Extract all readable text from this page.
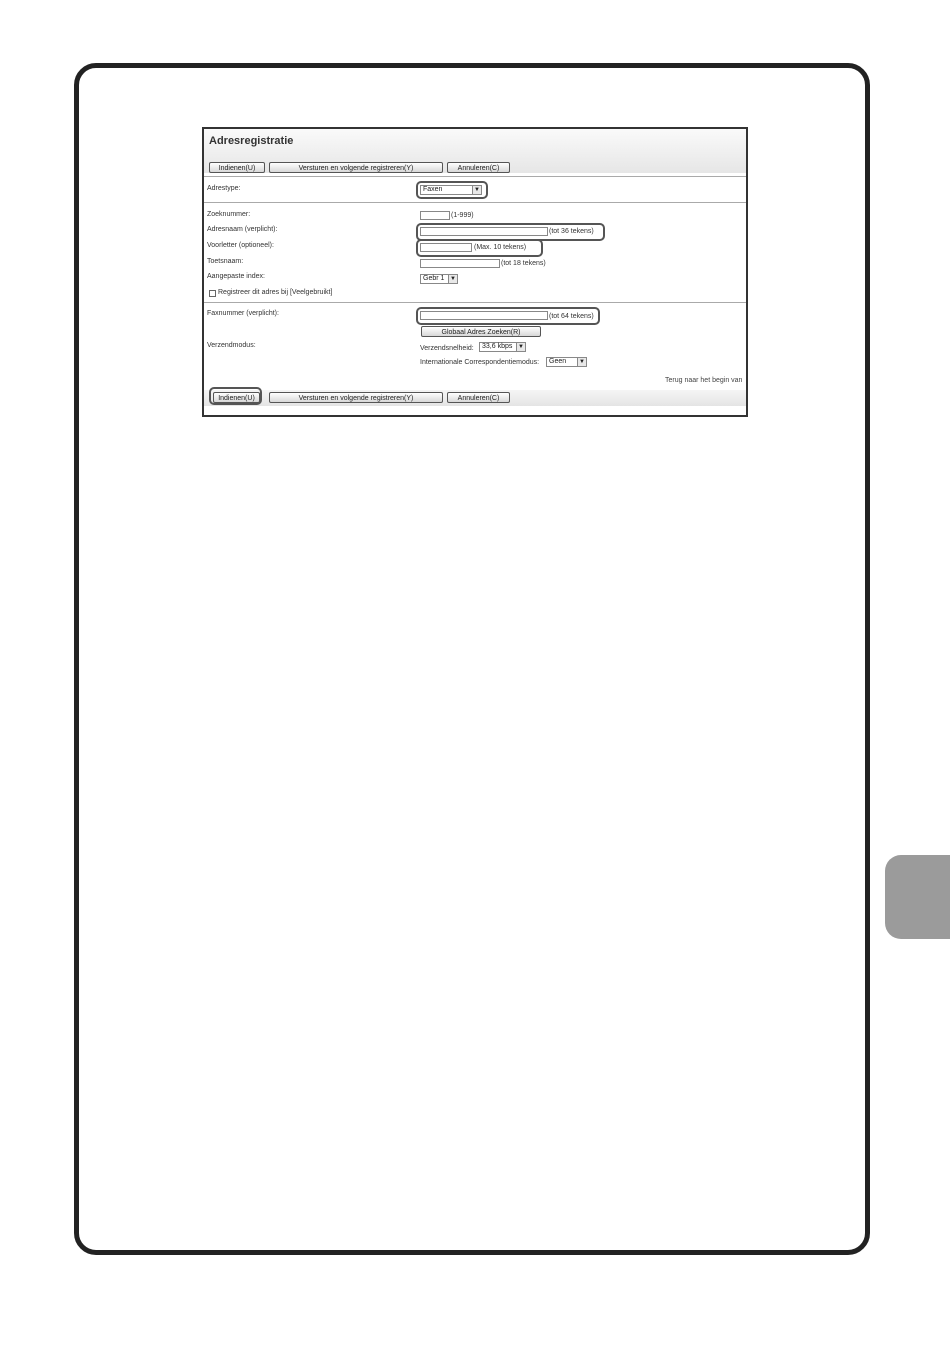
Adresregistratie
Indienen(U)	Versturen en volgende registreren(Y)	Annuleren(C)
Adrestype:	Faxen	▼
Zoeknummer:	(1-999)
Adresnaam (verplicht):	(tot 36 tekens)
Voorletter (optioneel):	(Max. 10 tekens)
Toetsnaam:	(tot 18 tekens)
Aangepaste index:	Gebr 1 ▼
Registreer dit adres bij [Veelgebruikt]
Faxnummer (verplicht):	(tot 64 tekens)
Globaal Adres Zoeken(R)
Verzendmodus:	Verzendsnelheid:	33,6 kbps ▼
Internationale Correspondentiemodus:	Geen	▼
Terug naar het begin van
Indienen(U)	Versturen en volgende registreren(Y)	Annuleren(C)
